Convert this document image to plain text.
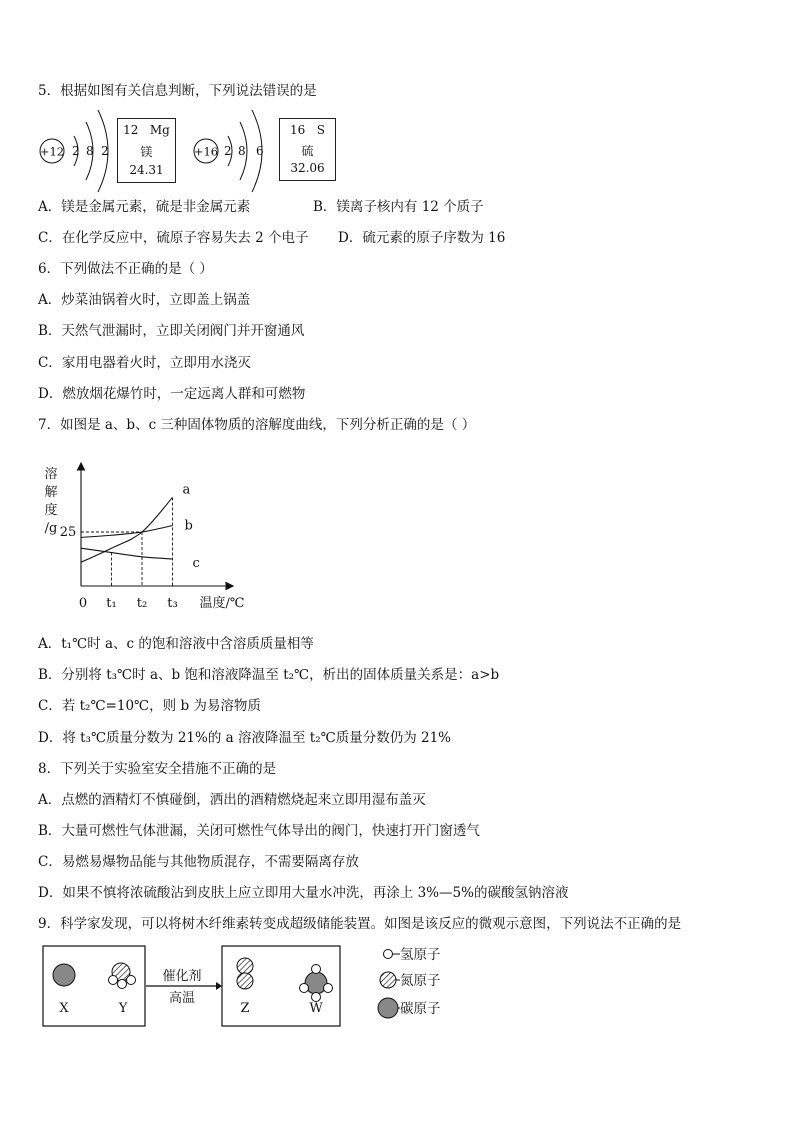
5．根据如图有关信息判断，下列说法错误的是
+12 2 8 2
12 Mg
镁
24.31
+16 2 8 6
16 S
硫
32.06
A．镁是金属元素，硫是非金属元素	B．镁离子核内有 12 个质子
C．在化学反应中，硫原子容易失去 2 个电子 D．硫元素的原子序数为 16
6．下列做法不正确的是（ ）
A．炒菜油锅着火时，立即盖上锅盖
B．天然气泄漏时，立即关闭阀门并开窗通风
C．家用电器着火时，立即用水浇灭
D．燃放烟花爆竹时，一定远离人群和可燃物
7．如图是 a、b、c 三种固体物质的溶解度曲线，下列分析正确的是（ ）
溶
解
度
/g
a
b
c
t₁ t₂ t₃
0	温度/℃
25
A．t₁℃时 a、c 的饱和溶液中含溶质质量相等
B．分别将 t₃℃时 a、b 饱和溶液降温至 t₂℃，析出的固体质量关系是：a>b
C．若 t₂℃=10℃，则 b 为易溶物质
D．将 t₃℃质量分数为 21%的 a 溶液降温至 t₂℃质量分数仍为 21%
8．下列关于实验室安全措施不正确的是
A．点燃的酒精灯不慎碰倒，洒出的酒精燃烧起来立即用湿布盖灭
B．大量可燃性气体泄漏，关闭可燃性气体导出的阀门，快速打开门窗透气
C．易燃易爆物品能与其他物质混存，不需要隔离存放
D．如果不慎将浓硫酸沾到皮肤上应立即用大量水冲洗，再涂上 3%—5%的碳酸氢钠溶液
9．科学家发现，可以将树木纤维素转变成超级储能装置。如图是该反应的微观示意图，下列说法不正确的是
X	Y
催化剂
高温
Z	W
氢原子
氮原子
碳原子
